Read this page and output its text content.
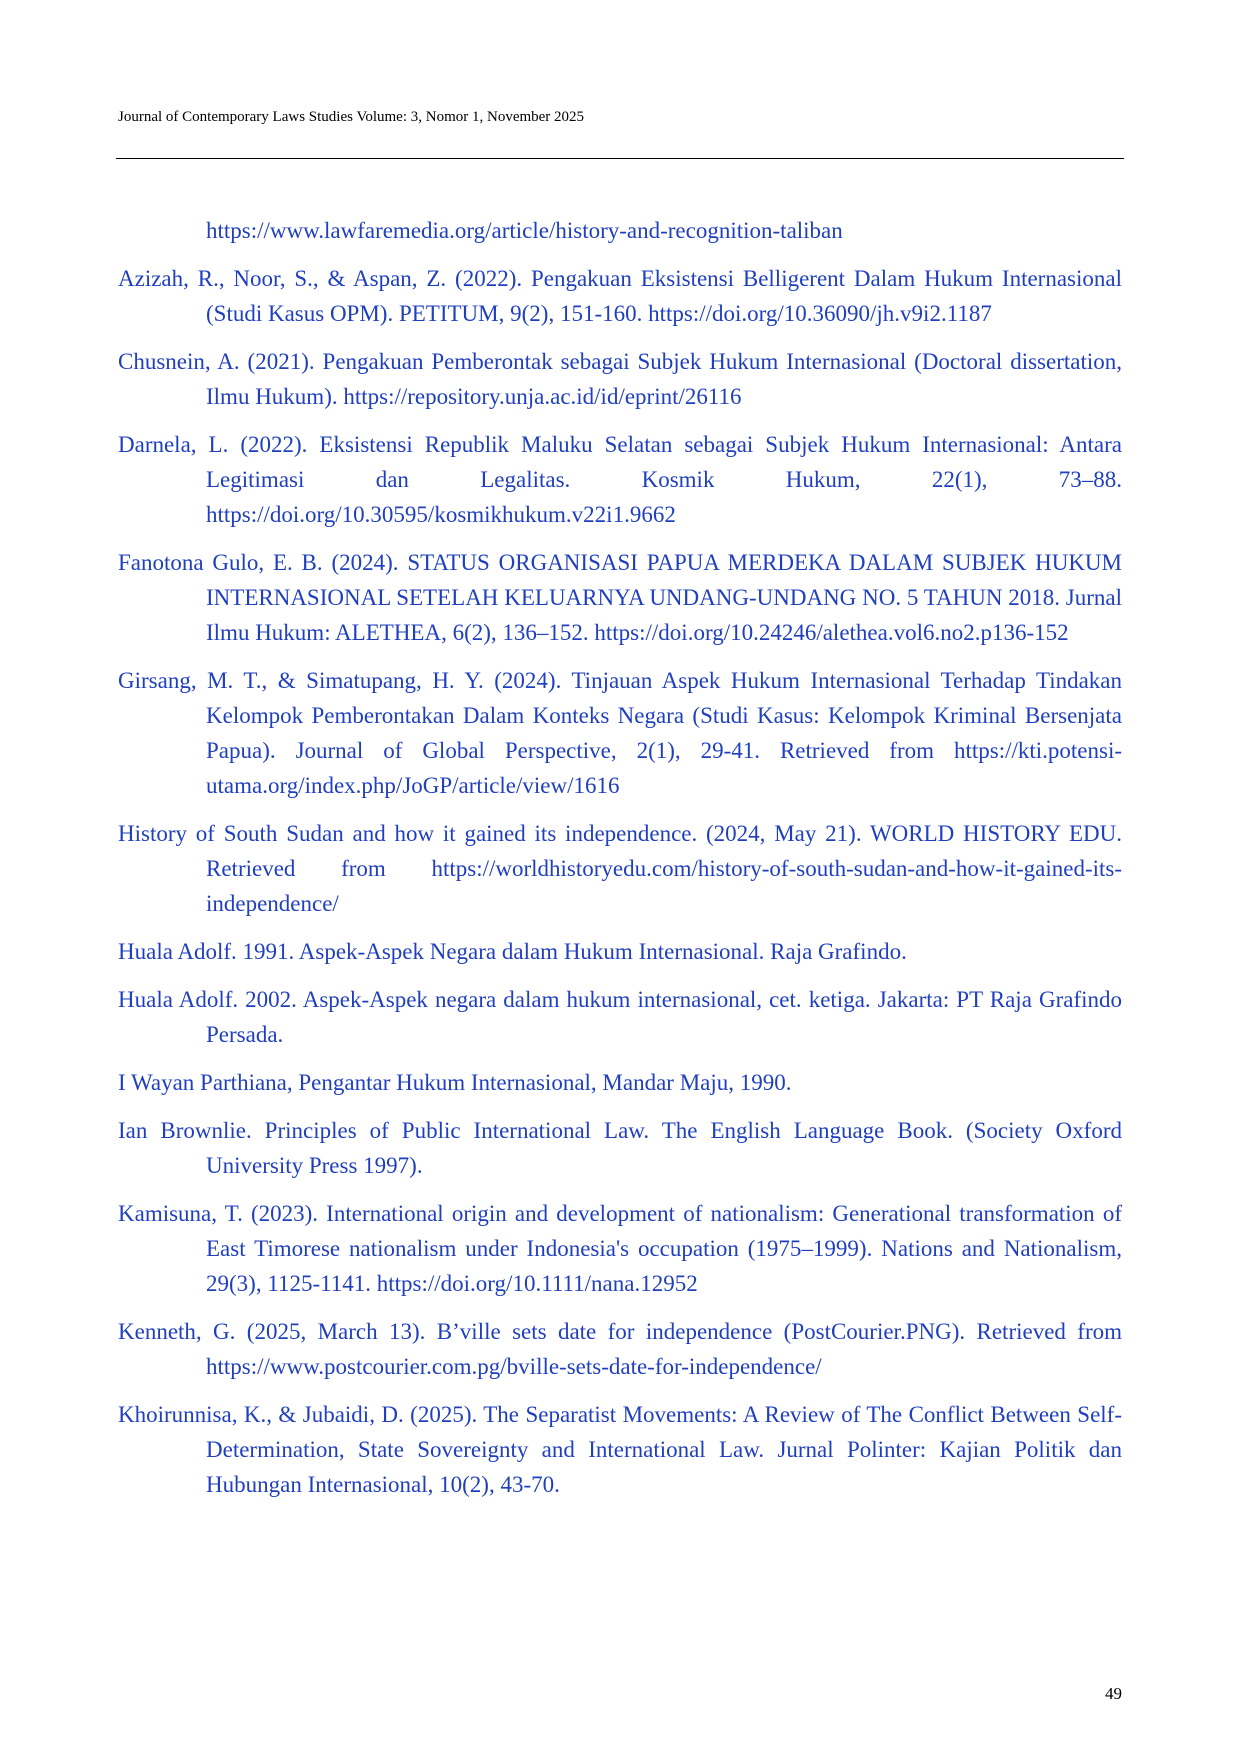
Journal of Contemporary Laws Studies Volume: 3, Nomor 1, November 2025

https://www.lawfaremedia.org/article/history-and-recognition-taliban

Azizah, R., Noor, S., & Aspan, Z. (2022). Pengakuan Eksistensi Belligerent Dalam Hukum Internasional (Studi Kasus OPM). PETITUM, 9(2), 151-160. https://doi.org/10.36090/jh.v9i2.1187

Chusnein, A. (2021). Pengakuan Pemberontak sebagai Subjek Hukum Internasional (Doctoral dissertation, Ilmu Hukum). https://repository.unja.ac.id/id/eprint/26116

Darnela, L. (2022). Eksistensi Republik Maluku Selatan sebagai Subjek Hukum Internasional: Antara Legitimasi dan Legalitas. Kosmik Hukum, 22(1), 73–88. https://doi.org/10.30595/kosmikhukum.v22i1.9662

Fanotona Gulo, E. B. (2024). STATUS ORGANISASI PAPUA MERDEKA DALAM SUBJEK HUKUM INTERNASIONAL SETELAH KELUARNYA UNDANG-UNDANG NO. 5 TAHUN 2018. Jurnal Ilmu Hukum: ALETHEA, 6(2), 136–152. https://doi.org/10.24246/alethea.vol6.no2.p136-152

Girsang, M. T., & Simatupang, H. Y. (2024). Tinjauan Aspek Hukum Internasional Terhadap Tindakan Kelompok Pemberontakan Dalam Konteks Negara (Studi Kasus: Kelompok Kriminal Bersenjata Papua). Journal of Global Perspective, 2(1), 29-41. Retrieved from https://kti.potensi-utama.org/index.php/JoGP/article/view/1616

History of South Sudan and how it gained its independence. (2024, May 21). WORLD HISTORY EDU. Retrieved from https://worldhistoryedu.com/history-of-south-sudan-and-how-it-gained-its-independence/

Huala Adolf. 1991. Aspek-Aspek Negara dalam Hukum Internasional. Raja Grafindo.

Huala Adolf. 2002. Aspek-Aspek negara dalam hukum internasional, cet. ketiga. Jakarta: PT Raja Grafindo Persada.

I Wayan Parthiana, Pengantar Hukum Internasional, Mandar Maju, 1990.

Ian Brownlie. Principles of Public International Law. The English Language Book. (Society Oxford University Press 1997).

Kamisuna, T. (2023). International origin and development of nationalism: Generational transformation of East Timorese nationalism under Indonesia's occupation (1975–1999). Nations and Nationalism, 29(3), 1125-1141. https://doi.org/10.1111/nana.12952

Kenneth, G. (2025, March 13). B’ville sets date for independence (PostCourier.PNG). Retrieved from https://www.postcourier.com.pg/bville-sets-date-for-independence/

Khoirunnisa, K., & Jubaidi, D. (2025). The Separatist Movements: A Review of The Conflict Between Self-Determination, State Sovereignty and International Law. Jurnal Polinter: Kajian Politik dan Hubungan Internasional, 10(2), 43-70.

49
